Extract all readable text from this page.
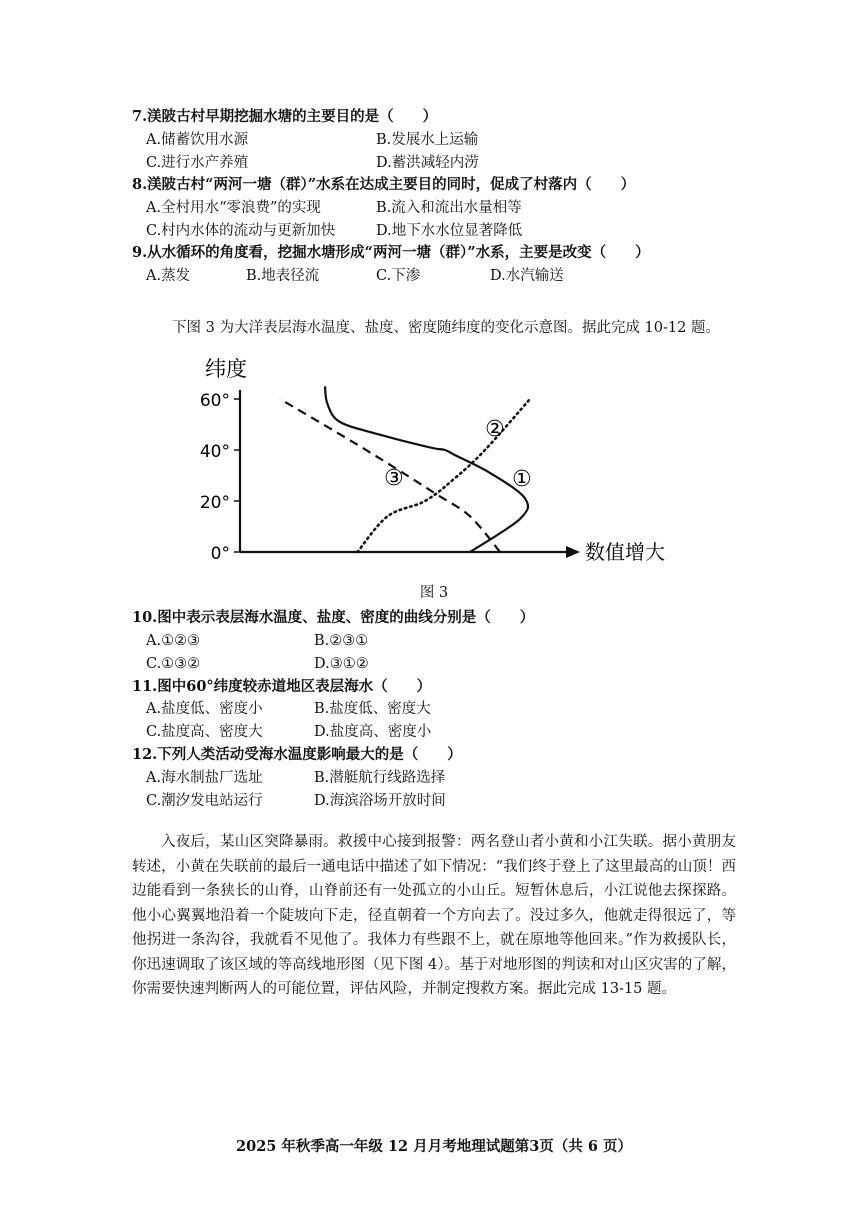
7.渼陂古村早期挖掘水塘的主要目的是（　　）
A.储蓄饮用水源	B.发展水上运输
C.进行水产养殖	D.蓄洪减轻内涝
8.渼陂古村“两河一塘（群）”水系在达成主要目的同时，促成了村落内（　　）
A.全村用水“零浪费”的实现	B.流入和流出水量相等
C.村内水体的流动与更新加快	D.地下水水位显著降低
9.从水循环的角度看，挖掘水塘形成“两河一塘（群）”水系，主要是改变（　　）
A.蒸发	B.地表径流	C.下渗	D.水汽输送
下图 3 为大洋表层海水温度、盐度、密度随纬度的变化示意图。据此完成 10-12 题。
纬度
数值增大
0°
20°
40°
60°
①
②
③
图 3
10.图中表示表层海水温度、盐度、密度的曲线分别是（　　）
A.①②③	B.②③①
C.①③②	D.③①②
11.图中60°纬度较赤道地区表层海水（　　）
A.盐度低、密度小	B.盐度低、密度大
C.盐度高、密度大	D.盐度高、密度小
12.下列人类活动受海水温度影响最大的是（　　）
A.海水制盐厂选址	B.潜艇航行线路选择
C.潮汐发电站运行	D.海滨浴场开放时间

入夜后，某山区突降暴雨。救援中心接到报警：两名登山者小黄和小江失联。据小黄朋友转述，小黄在失联前的最后一通电话中描述了如下情况：“我们终于登上了这里最高的山顶！西边能看到一条狭长的山脊，山脊前还有一处孤立的小山丘。短暂休息后，小江说他去探探路。他小心翼翼地沿着一个陡坡向下走，径直朝着一个方向去了。没过多久，他就走得很远了，等他拐进一条沟谷，我就看不见他了。我体力有些跟不上，就在原地等他回来。”作为救援队长，你迅速调取了该区域的等高线地形图（见下图 4）。基于对地形图的判读和对山区灾害的了解，你需要快速判断两人的可能位置，评估风险，并制定搜救方案。据此完成 13-15 题。

2025 年秋季高一年级 12 月月考地理试题第3页（共 6 页）
